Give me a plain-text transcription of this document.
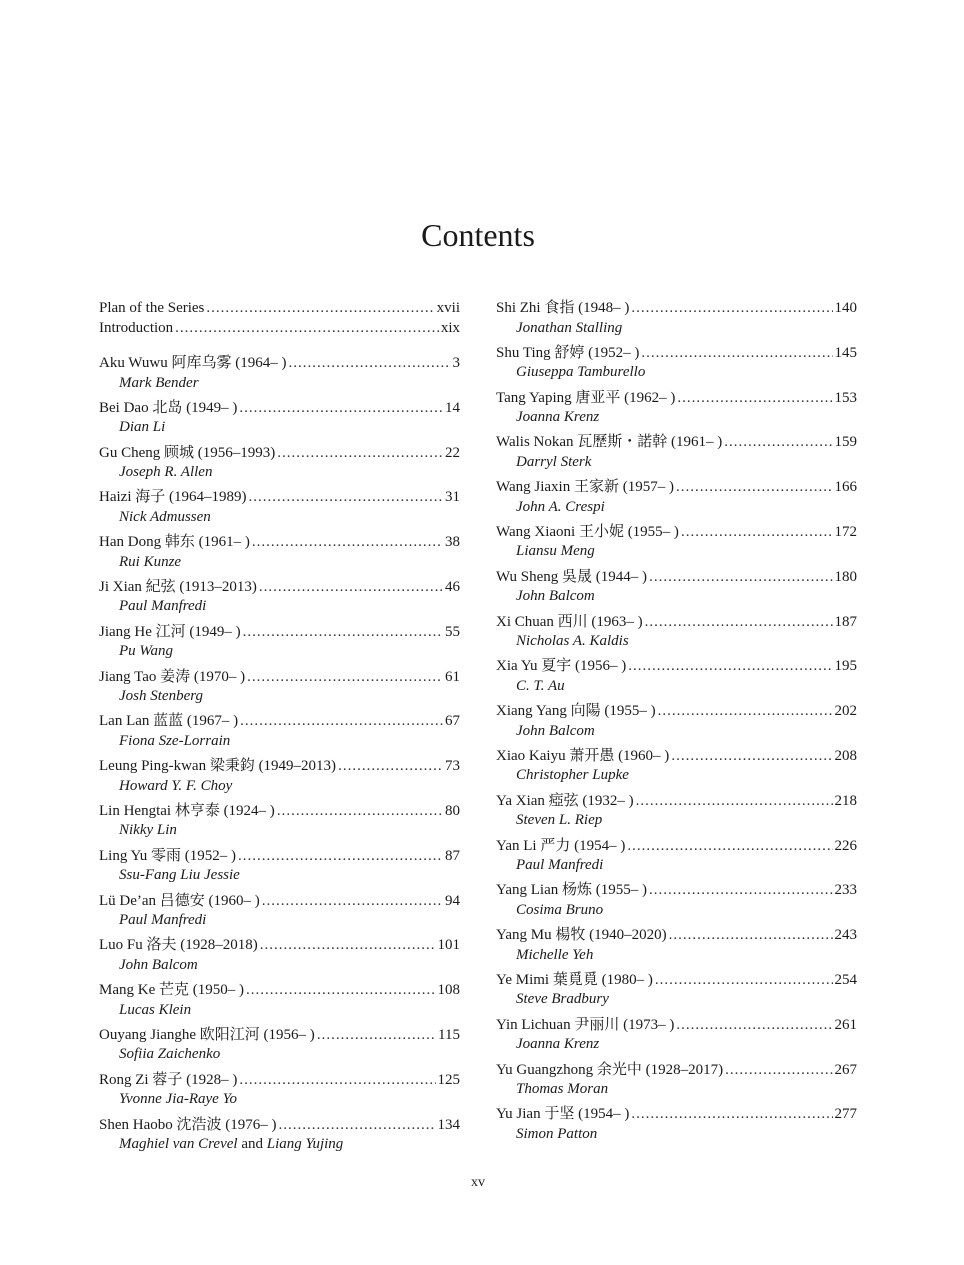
Contents
Plan of the Series .....	xvii
Introduction .....	xix
Aku Wuwu 阿库乌雾 (1964– ) .....	3
Mark Bender
Bei Dao 北岛 (1949– ) .....	14
Dian Li
Gu Cheng 顾城 (1956–1993) .....	22
Joseph R. Allen
Haizi 海子 (1964–1989) .....	31
Nick Admussen
Han Dong 韩东 (1961– ) .....	38
Rui Kunze
Ji Xian 紀弦 (1913–2013) .....	46
Paul Manfredi
Jiang He 江河 (1949– ) .....	55
Pu Wang
Jiang Tao 姜涛 (1970– ) .....	61
Josh Stenberg
Lan Lan 蓝蓝 (1967– ) .....	67
Fiona Sze-Lorrain
Leung Ping-kwan 梁秉鈞 (1949–2013) .....	73
Howard Y. F. Choy
Lin Hengtai 林亨泰 (1924– ) .....	80
Nikky Lin
Ling Yu 零雨 (1952– ) .....	87
Ssu-Fang Liu Jessie
Lü De’an 吕德安 (1960– ) .....	94
Paul Manfredi
Luo Fu 洛夫 (1928–2018) .....	101
John Balcom
Mang Ke 芒克 (1950– ) .....	108
Lucas Klein
Ouyang Jianghe 欧阳江河 (1956– ) .....	115
Sofiia Zaichenko
Rong Zi 蓉子 (1928– ) .....	125
Yvonne Jia-Raye Yo
Shen Haobo 沈浩波 (1976– ) .....	134
Maghiel van Crevel and Liang Yujing
Shi Zhi 食指 (1948– ) .....	140
Jonathan Stalling
Shu Ting 舒婷 (1952– ) .....	145
Giuseppa Tamburello
Tang Yaping 唐亚平 (1962– ) .....	153
Joanna Krenz
Walis Nokan 瓦歷斯・諾幹 (1961– ) .....	159
Darryl Sterk
Wang Jiaxin 王家新 (1957– ) .....	166
John A. Crespi
Wang Xiaoni 王小妮 (1955– ) .....	172
Liansu Meng
Wu Sheng 吳晟 (1944– ) .....	180
John Balcom
Xi Chuan 西川 (1963– ) .....	187
Nicholas A. Kaldis
Xia Yu 夏宇 (1956– ) .....	195
C. T. Au
Xiang Yang 向陽 (1955– ) .....	202
John Balcom
Xiao Kaiyu 萧开愚 (1960– ) .....	208
Christopher Lupke
Ya Xian 瘂弦 (1932– ) .....	218
Steven L. Riep
Yan Li 严力 (1954– ) .....	226
Paul Manfredi
Yang Lian 杨炼 (1955– ) .....	233
Cosima Bruno
Yang Mu 楊牧 (1940–2020) .....	243
Michelle Yeh
Ye Mimi 葉覓覓 (1980– ) .....	254
Steve Bradbury
Yin Lichuan 尹丽川 (1973– ) .....	261
Joanna Krenz
Yu Guangzhong 余光中 (1928–2017) .....	267
Thomas Moran
Yu Jian 于坚 (1954– ) .....	277
Simon Patton
xv
